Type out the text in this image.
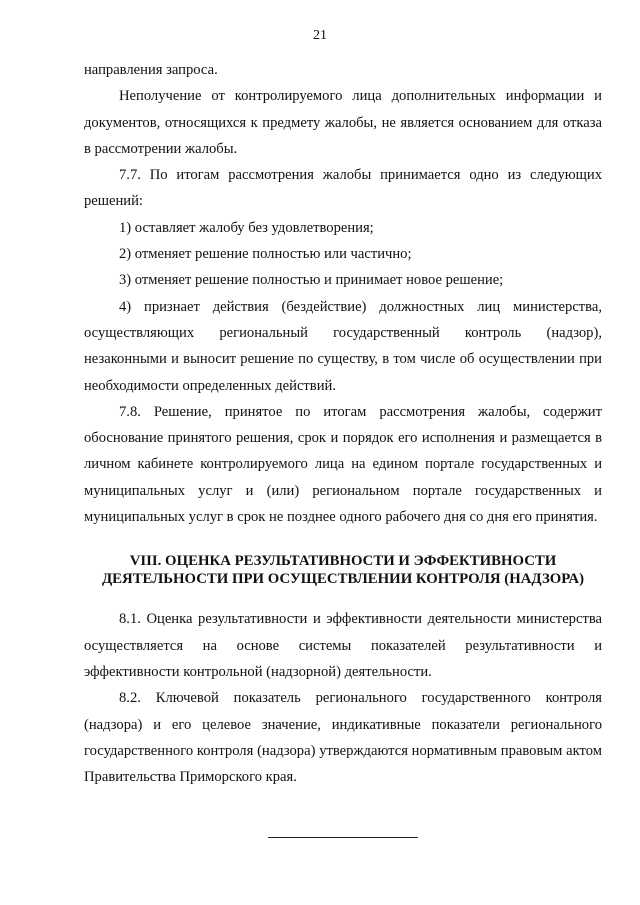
21

направления запроса.

Неполучение от контролируемого лица дополнительных информации и документов, относящихся к предмету жалобы, не является основанием для отказа в рассмотрении жалобы.

7.7. По итогам рассмотрения жалобы принимается одно из следующих решений:

1) оставляет жалобу без удовлетворения;

2) отменяет решение полностью или частично;

3) отменяет решение полностью и принимает новое решение;

4) признает действия (бездействие) должностных лиц министерства, осуществляющих региональный государственный контроль (надзор), незаконными и выносит решение по существу, в том числе об осуществлении при необходимости определенных действий.

7.8. Решение, принятое по итогам рассмотрения жалобы, содержит обоснование принятого решения, срок и порядок его исполнения и размещается в личном кабинете контролируемого лица на едином портале государственных и муниципальных услуг и (или) региональном портале государственных и муниципальных услуг в срок не позднее одного рабочего дня со дня его принятия.

VIII. ОЦЕНКА РЕЗУЛЬТАТИВНОСТИ И ЭФФЕКТИВНОСТИ
ДЕЯТЕЛЬНОСТИ ПРИ ОСУЩЕСТВЛЕНИИ КОНТРОЛЯ (НАДЗОРА)

8.1. Оценка результативности и эффективности деятельности министерства осуществляется на основе системы показателей результативности и эффективности контрольной (надзорной) деятельности.

8.2. Ключевой показатель регионального государственного контроля (надзора) и его целевое значение, индикативные показатели регионального государственного контроля (надзора) утверждаются нормативным правовым актом Правительства Приморского края.
